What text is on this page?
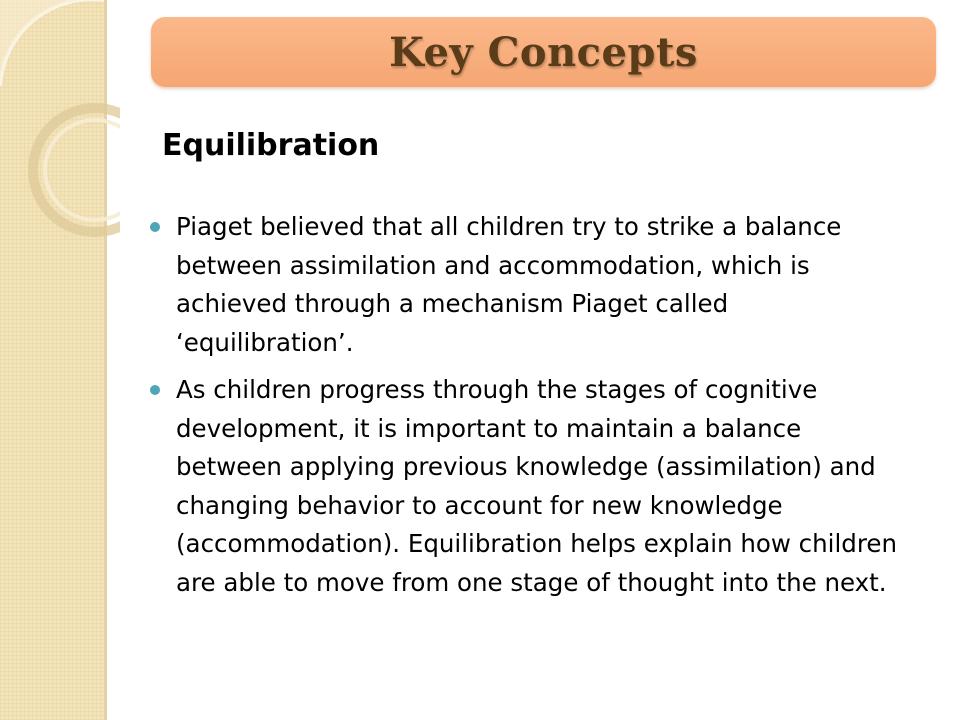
Key Concepts
Equilibration
Piaget believed that all children try to strike a balance between assimilation and accommodation, which is achieved through a mechanism Piaget called ‘equilibration’.
As children progress through the stages of cognitive development, it is important to maintain a balance between applying previous knowledge (assimilation) and changing behavior to account for new knowledge (accommodation). Equilibration helps explain how children are able to move from one stage of thought into the next.
